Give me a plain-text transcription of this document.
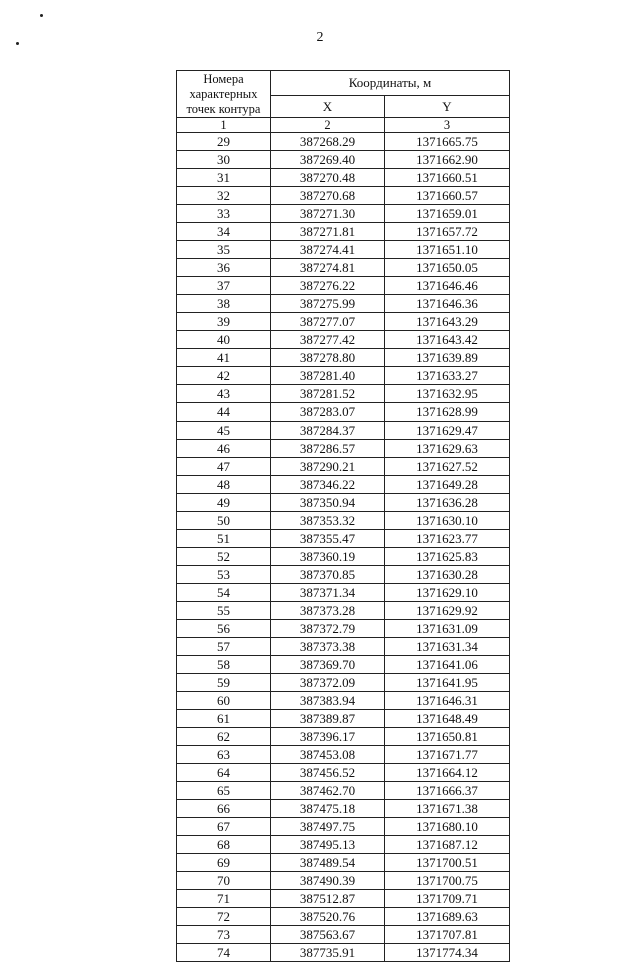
2
Номера характерных точек контура	Координаты, м	
	X	Y
1	2	3
29	387268.29	1371665.75
30	387269.40	1371662.90
31	387270.48	1371660.51
32	387270.68	1371660.57
33	387271.30	1371659.01
34	387271.81	1371657.72
35	387274.41	1371651.10
36	387274.81	1371650.05
37	387276.22	1371646.46
38	387275.99	1371646.36
39	387277.07	1371643.29
40	387277.42	1371643.42
41	387278.80	1371639.89
42	387281.40	1371633.27
43	387281.52	1371632.95
44	387283.07	1371628.99
45	387284.37	1371629.47
46	387286.57	1371629.63
47	387290.21	1371627.52
48	387346.22	1371649.28
49	387350.94	1371636.28
50	387353.32	1371630.10
51	387355.47	1371623.77
52	387360.19	1371625.83
53	387370.85	1371630.28
54	387371.34	1371629.10
55	387373.28	1371629.92
56	387372.79	1371631.09
57	387373.38	1371631.34
58	387369.70	1371641.06
59	387372.09	1371641.95
60	387383.94	1371646.31
61	387389.87	1371648.49
62	387396.17	1371650.81
63	387453.08	1371671.77
64	387456.52	1371664.12
65	387462.70	1371666.37
66	387475.18	1371671.38
67	387497.75	1371680.10
68	387495.13	1371687.12
69	387489.54	1371700.51
70	387490.39	1371700.75
71	387512.87	1371709.71
72	387520.76	1371689.63
73	387563.67	1371707.81
74	387735.91	1371774.34
